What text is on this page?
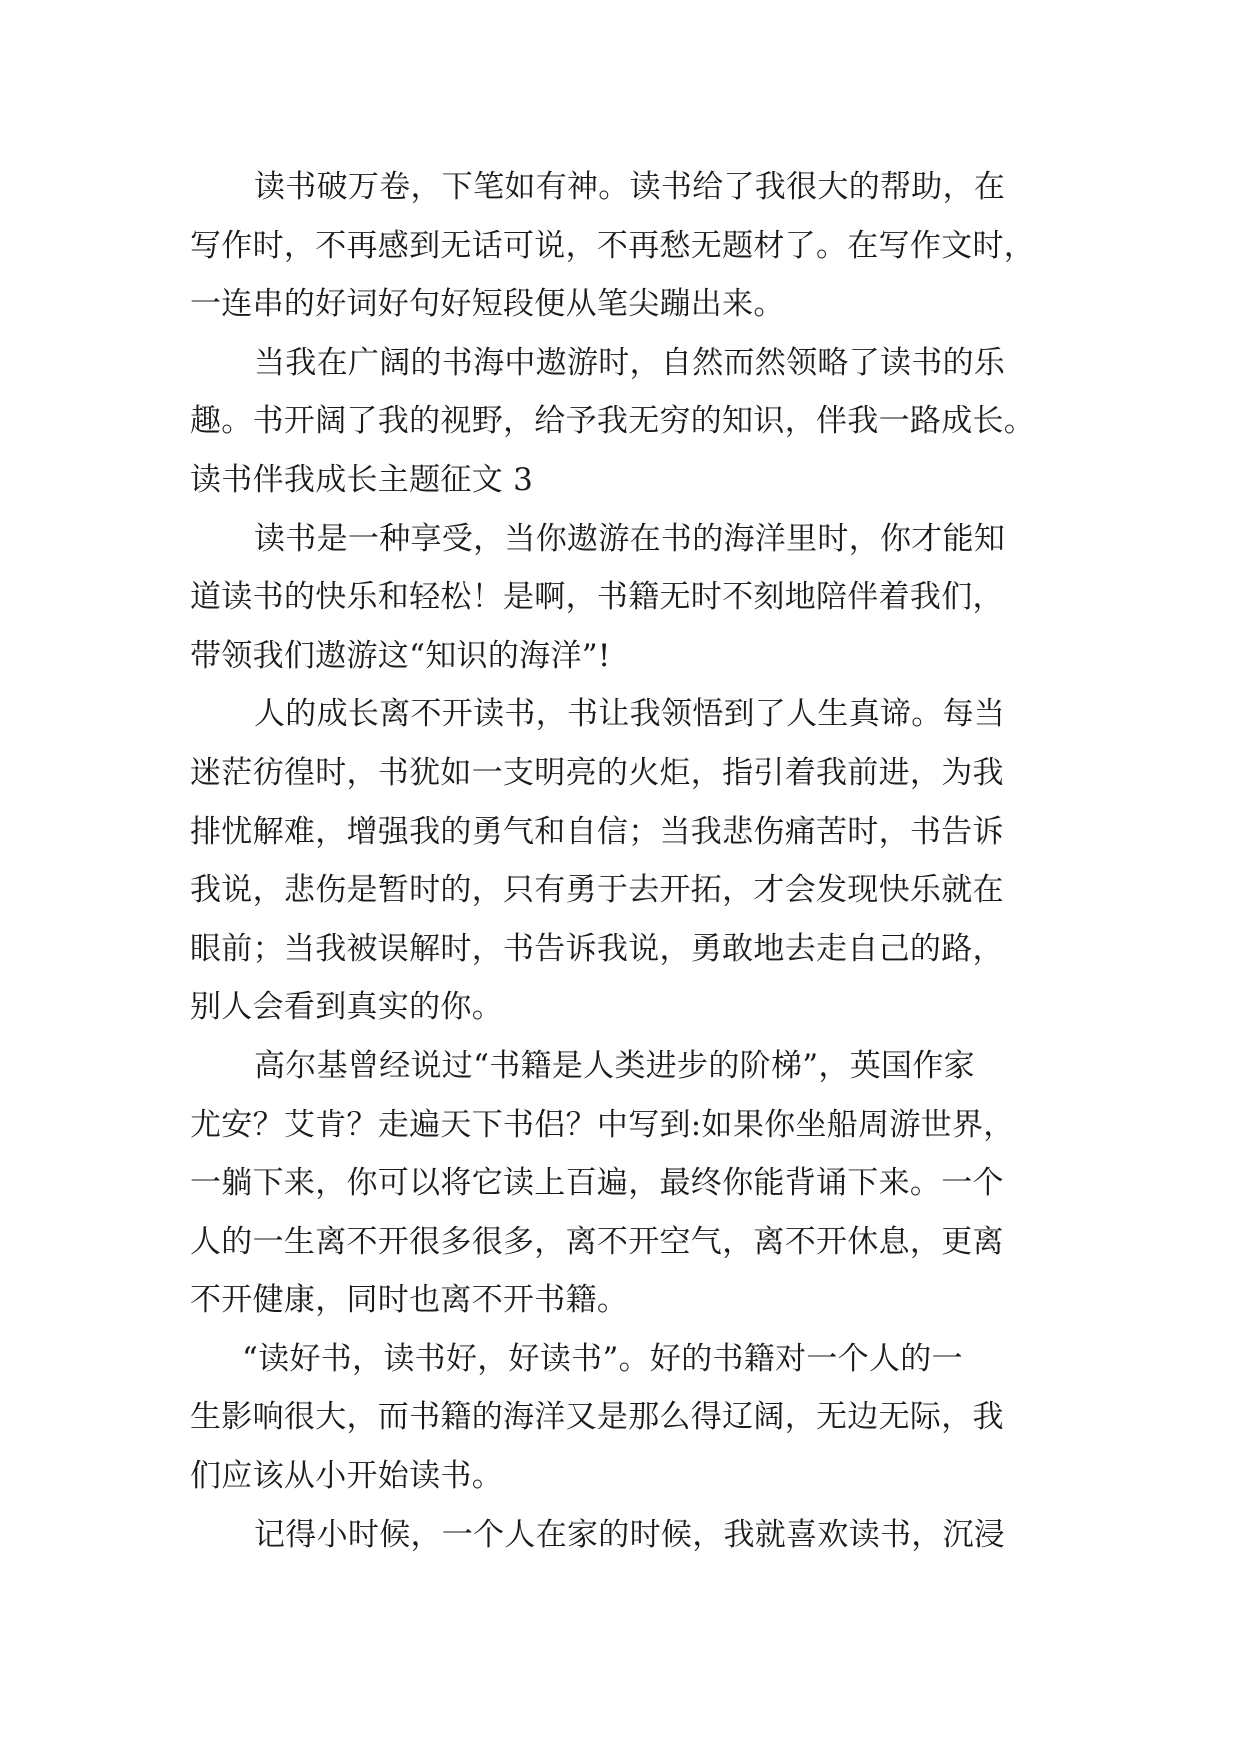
读书破万卷，下笔如有神。读书给了我很大的帮助，在
写作时，不再感到无话可说，不再愁无题材了。在写作文时，
一连串的好词好句好短段便从笔尖蹦出来。
当我在广阔的书海中遨游时，自然而然领略了读书的乐
趣。书开阔了我的视野，给予我无穷的知识，伴我一路成长。
读书伴我成长主题征文 3
读书是一种享受，当你遨游在书的海洋里时，你才能知
道读书的快乐和轻松！是啊，书籍无时不刻地陪伴着我们，
带领我们遨游这“知识的海洋”!
人的成长离不开读书，书让我领悟到了人生真谛。每当
迷茫彷徨时，书犹如一支明亮的火炬，指引着我前进，为我
排忧解难，增强我的勇气和自信；当我悲伤痛苦时，书告诉
我说，悲伤是暂时的，只有勇于去开拓，才会发现快乐就在
眼前；当我被误解时，书告诉我说，勇敢地去走自己的路，
别人会看到真实的你。
高尔基曾经说过“书籍是人类进步的阶梯”，英国作家
尤安？艾肯？走遍天下书侣？中写到:如果你坐船周游世界，
一躺下来，你可以将它读上百遍，最终你能背诵下来。一个
人的一生离不开很多很多，离不开空气，离不开休息，更离
不开健康，同时也离不开书籍。
“读好书，读书好，好读书”。好的书籍对一个人的一
生影响很大，而书籍的海洋又是那么得辽阔，无边无际，我
们应该从小开始读书。
记得小时候，一个人在家的时候，我就喜欢读书，沉浸
